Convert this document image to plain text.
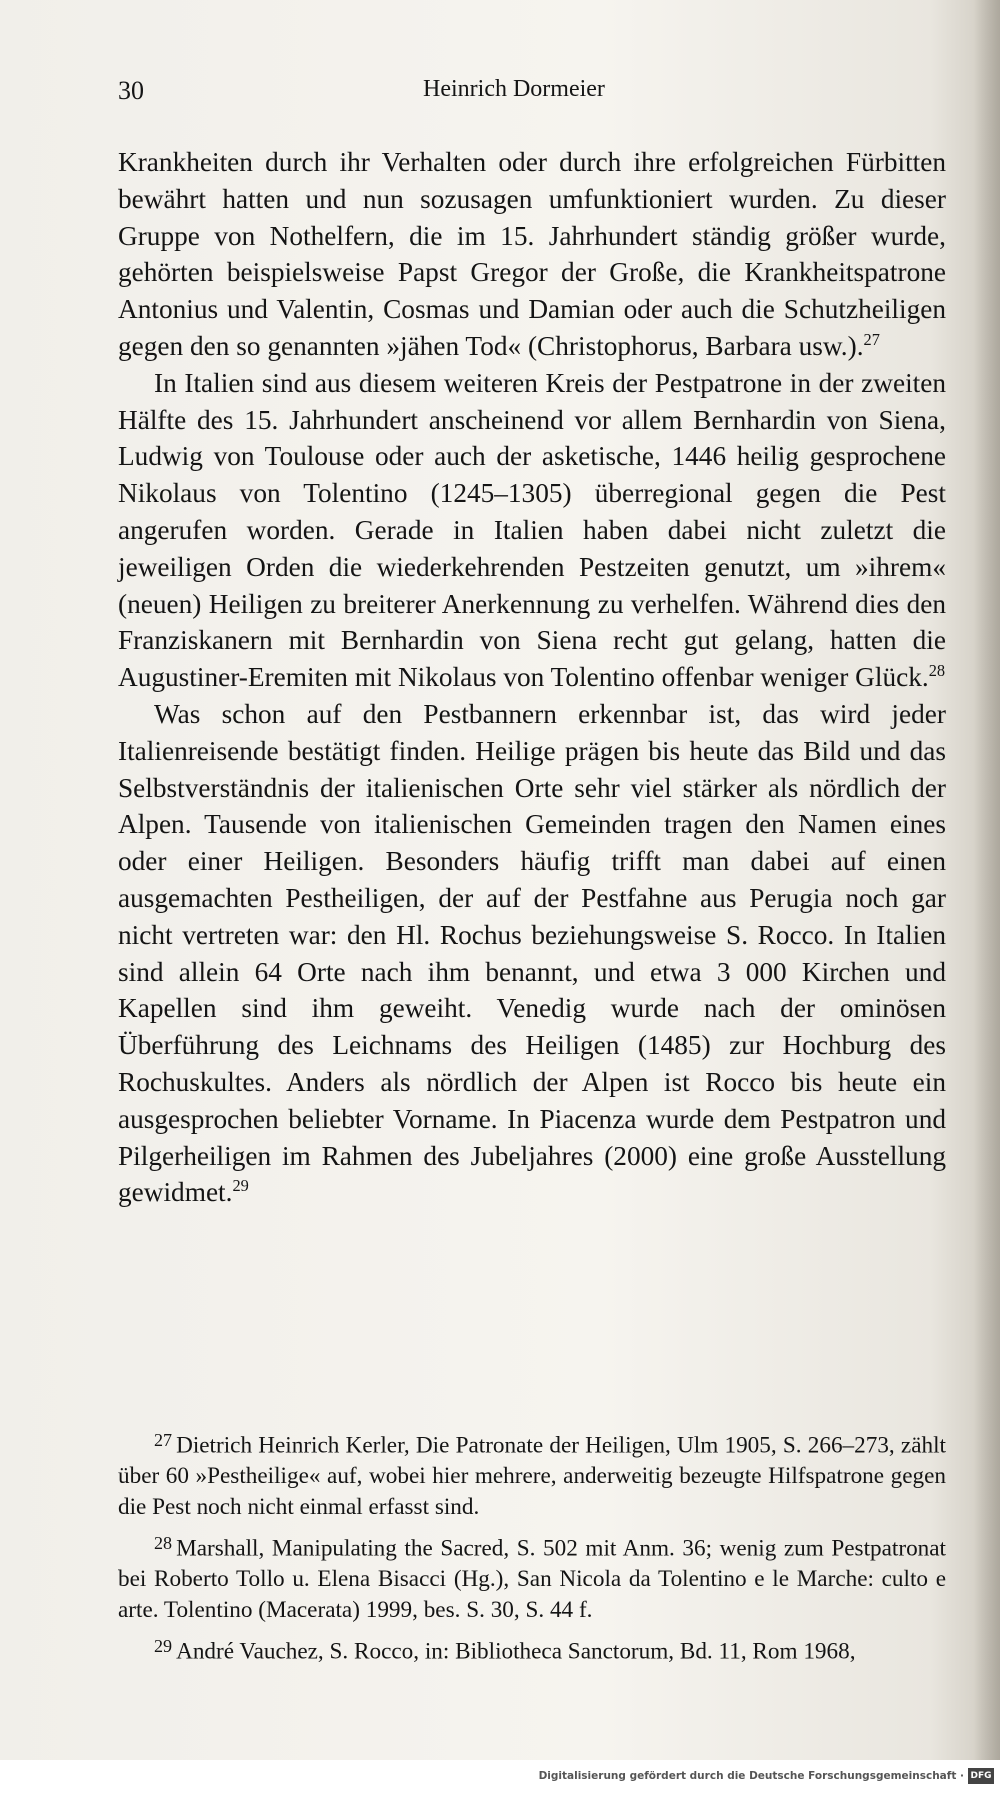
30	Heinrich Dormeier

Krankheiten durch ihr Verhalten oder durch ihre erfolgreichen Fürbitten bewährt hatten und nun sozusagen umfunktioniert wurden. Zu dieser Gruppe von Nothelfern, die im 15. Jahrhundert ständig größer wurde, gehörten beispielsweise Papst Gregor der Große, die Krankheitspatrone Antonius und Valentin, Cosmas und Damian oder auch die Schutzheiligen gegen den so genannten »jähen Tod« (Christophorus, Barbara usw.).$^{27}$

In Italien sind aus diesem weiteren Kreis der Pestpatrone in der zweiten Hälfte des 15. Jahrhundert anscheinend vor allem Bernhardin von Siena, Ludwig von Toulouse oder auch der asketische, 1446 heilig gesprochene Nikolaus von Tolentino (1245–1305) überregional gegen die Pest angerufen worden. Gerade in Italien haben dabei nicht zuletzt die jeweiligen Orden die wiederkehrenden Pestzeiten genutzt, um »ihrem« (neuen) Heiligen zu breiterer Anerkennung zu verhelfen. Während dies den Franziskanern mit Bernhardin von Siena recht gut gelang, hatten die Augustiner-Eremiten mit Nikolaus von Tolentino offenbar weniger Glück.$^{28}$

Was schon auf den Pestbannern erkennbar ist, das wird jeder Italienreisende bestätigt finden. Heilige prägen bis heute das Bild und das Selbstverständnis der italienischen Orte sehr viel stärker als nördlich der Alpen. Tausende von italienischen Gemeinden tragen den Namen eines oder einer Heiligen. Besonders häufig trifft man dabei auf einen ausgemachten Pestheiligen, der auf der Pestfahne aus Perugia noch gar nicht vertreten war: den Hl. Rochus beziehungsweise S. Rocco. In Italien sind allein 64 Orte nach ihm benannt, und etwa 3 000 Kirchen und Kapellen sind ihm geweiht. Venedig wurde nach der ominösen Überführung des Leichnams des Heiligen (1485) zur Hochburg des Rochuskultes. Anders als nördlich der Alpen ist Rocco bis heute ein ausgesprochen beliebter Vorname. In Piacenza wurde dem Pestpatron und Pilgerheiligen im Rahmen des Jubeljahres (2000) eine große Ausstellung gewidmet.$^{29}$

$^{27}$ Dietrich Heinrich Kerler, Die Patronate der Heiligen, Ulm 1905, S. 266–273, zählt über 60 »Pestheilige« auf, wobei hier mehrere, anderweitig bezeugte Hilfspatrone gegen die Pest noch nicht einmal erfasst sind.

$^{28}$ Marshall, Manipulating the Sacred, S. 502 mit Anm. 36; wenig zum Pestpatronat bei Roberto Tollo u. Elena Bisacci (Hg.), San Nicola da Tolentino e le Marche: culto e arte. Tolentino (Macerata) 1999, bes. S. 30, S. 44 f.

$^{29}$ André Vauchez, S. Rocco, in: Bibliotheca Sanctorum, Bd. 11, Rom 1968,

Digitalisierung gefördert durch die Deutsche Forschungsgemeinschaft · DFG
